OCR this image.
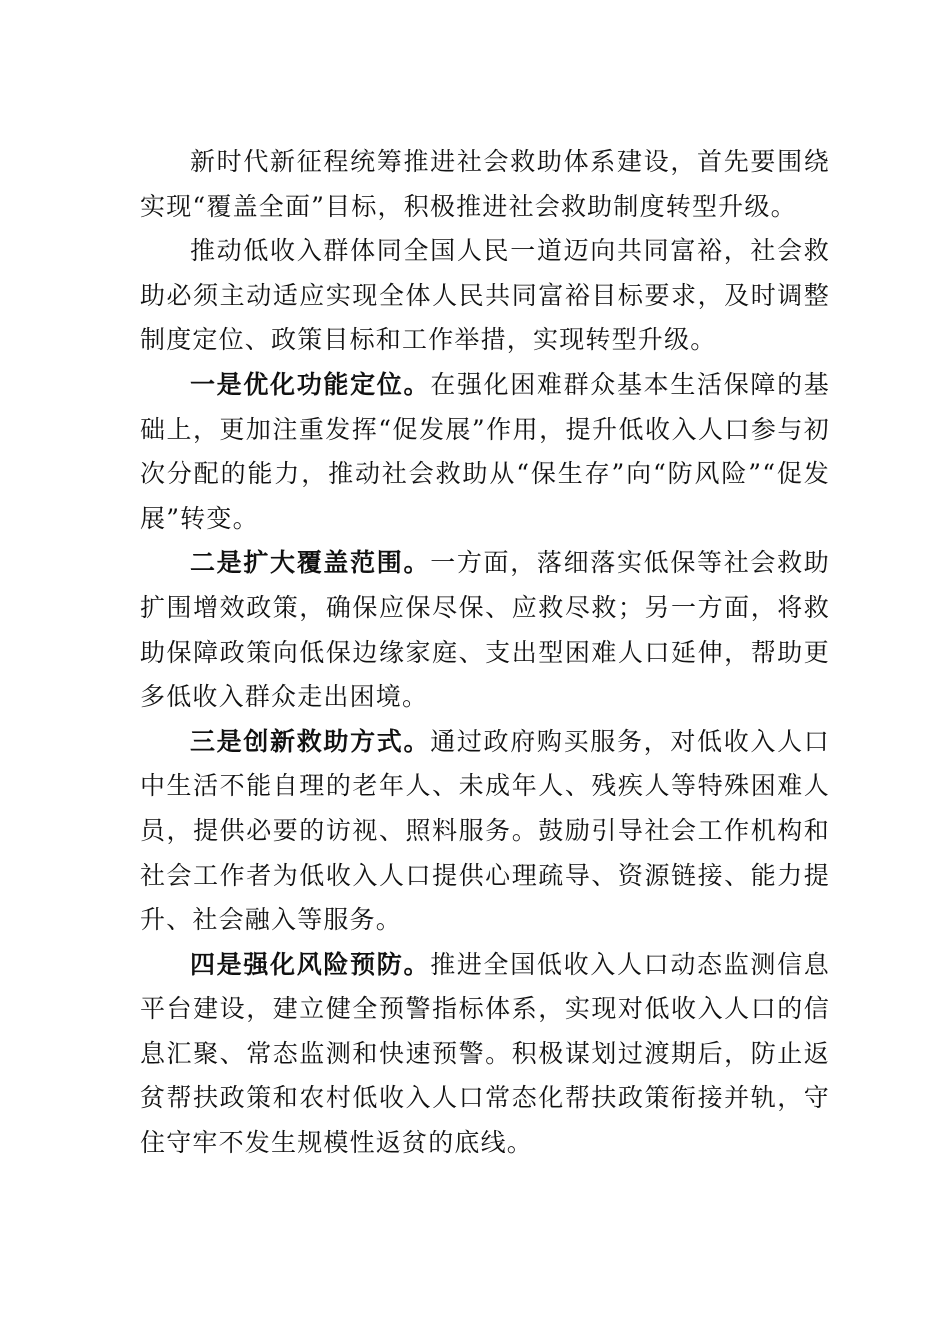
新时代新征程统筹推进社会救助体系建设，首先要围绕实现“覆盖全面”目标，积极推进社会救助制度转型升级。

推动低收入群体同全国人民一道迈向共同富裕，社会救助必须主动适应实现全体人民共同富裕目标要求，及时调整制度定位、政策目标和工作举措，实现转型升级。

一是优化功能定位。在强化困难群众基本生活保障的基础上，更加注重发挥“促发展”作用，提升低收入人口参与初次分配的能力，推动社会救助从“保生存”向“防风险”“促发展”转变。

二是扩大覆盖范围。一方面，落细落实低保等社会救助扩围增效政策，确保应保尽保、应救尽救；另一方面，将救助保障政策向低保边缘家庭、支出型困难人口延伸，帮助更多低收入群众走出困境。

三是创新救助方式。通过政府购买服务，对低收入人口中生活不能自理的老年人、未成年人、残疾人等特殊困难人员，提供必要的访视、照料服务。鼓励引导社会工作机构和社会工作者为低收入人口提供心理疏导、资源链接、能力提升、社会融入等服务。

四是强化风险预防。推进全国低收入人口动态监测信息平台建设，建立健全预警指标体系，实现对低收入人口的信息汇聚、常态监测和快速预警。积极谋划过渡期后，防止返贫帮扶政策和农村低收入人口常态化帮扶政策衔接并轨，守住守牢不发生规模性返贫的底线。
